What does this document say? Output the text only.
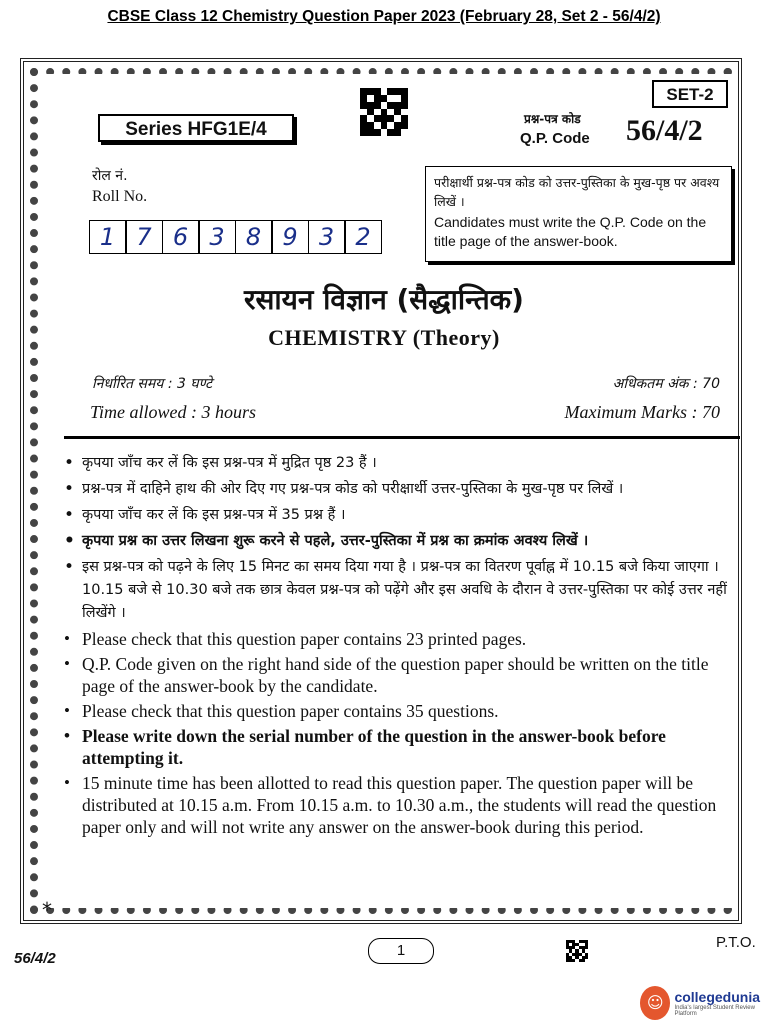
CBSE Class 12 Chemistry Question Paper 2023 (February 28, Set 2 - 56/4/2)
Series HFG1E/4
SET-2
प्रश्न-पत्र कोड
Q.P. Code 56/4/2
रोल नं.
Roll No.
1 7 6 3 8 9 3 2
परीक्षार्थी प्रश्न-पत्र कोड को उत्तर-पुस्तिका के मुख-पृष्ठ पर अवश्य लिखें ।
Candidates must write the Q.P. Code on the title page of the answer-book.
रसायन विज्ञान (सैद्धान्तिक)
CHEMISTRY (Theory)
निर्धारित समय : 3 घण्टे	अधिकतम अंक : 70
Time allowed : 3 hours	Maximum Marks : 70
• कृपया जाँच कर लें कि इस प्रश्न-पत्र में मुद्रित पृष्ठ 23 हैं ।
• प्रश्न-पत्र में दाहिने हाथ की ओर दिए गए प्रश्न-पत्र कोड को परीक्षार्थी उत्तर-पुस्तिका के मुख-पृष्ठ पर लिखें ।
• कृपया जाँच कर लें कि इस प्रश्न-पत्र में 35 प्रश्न हैं ।
• कृपया प्रश्न का उत्तर लिखना शुरू करने से पहले, उत्तर-पुस्तिका में प्रश्न का क्रमांक अवश्य लिखें ।
• इस प्रश्न-पत्र को पढ़ने के लिए 15 मिनट का समय दिया गया है । प्रश्न-पत्र का वितरण पूर्वाह्न में 10.15 बजे किया जाएगा । 10.15 बजे से 10.30 बजे तक छात्र केवल प्रश्न-पत्र को पढ़ेंगे और इस अवधि के दौरान वे उत्तर-पुस्तिका पर कोई उत्तर नहीं लिखेंगे ।
• Please check that this question paper contains 23 printed pages.
• Q.P. Code given on the right hand side of the question paper should be written on the title page of the answer-book by the candidate.
• Please check that this question paper contains 35 questions.
• Please write down the serial number of the question in the answer-book before attempting it.
• 15 minute time has been allotted to read this question paper. The question paper will be distributed at 10.15 a.m. From 10.15 a.m. to 10.30 a.m., the students will read the question paper only and will not write any answer on the answer-book during this period.
*
1	P.T.O.
56/4/2
☺ collegedunia
India's largest Student Review Platform
